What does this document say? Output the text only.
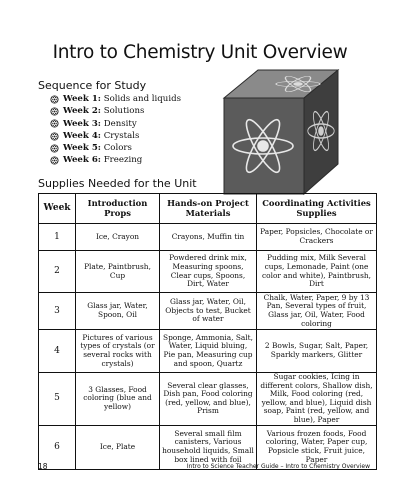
Intro to Chemistry Unit Overview
Sequence for Study
Week 1:
Solids and liquids
Week 2:
Solutions
Week 3:
Density
Week 4:
Crystals
Week 5:
Colors
Week 6:
Freezing
Supplies Needed for the Unit
Week	Introduction Props	Hands-on Project Materials	Coordinating Activities Supplies
1	Ice, Crayon	Crayons, Muffin tin	Paper, Popsicles, Chocolate or Crackers
2	Plate, Paintbrush, Cup	Powdered drink mix, Measuring spoons, Clear cups, Spoons, Dirt, Water	Pudding mix, Milk Several cups, Lemonade, Paint (one color and white), Paintbrush, Dirt
3	Glass jar, Water, Spoon, Oil	Glass jar, Water, Oil, Objects to test, Bucket of water	Chalk, Water, Paper, 9 by 13 Pan, Several types of fruit, Glass jar, Oil, Water, Food coloring
4	Pictures of various types of crystals (or several rocks with crystals)	Sponge, Ammonia, Salt, Water, Liquid bluing, Pie pan, Measuring cup and spoon, Quartz	2 Bowls, Sugar, Salt, Paper, Sparkly markers, Glitter
5	3 Glasses, Food coloring (blue and yellow)	Several clear glasses, Dish pan, Food coloring (red, yellow, and blue), Prism	Sugar cookies, Icing in different colors, Shallow dish, Milk, Food coloring (red, yellow, and blue), Liquid dish soap, Paint (red, yellow, and blue), Paper
6	Ice, Plate	Several small film canisters, Various household liquids, Small box lined with foil	Various frozen foods, Food coloring, Water, Paper cup, Popsicle stick, Fruit juice, Paper
18	Intro to Science Teacher Guide – Intro to Chemistry Overview
